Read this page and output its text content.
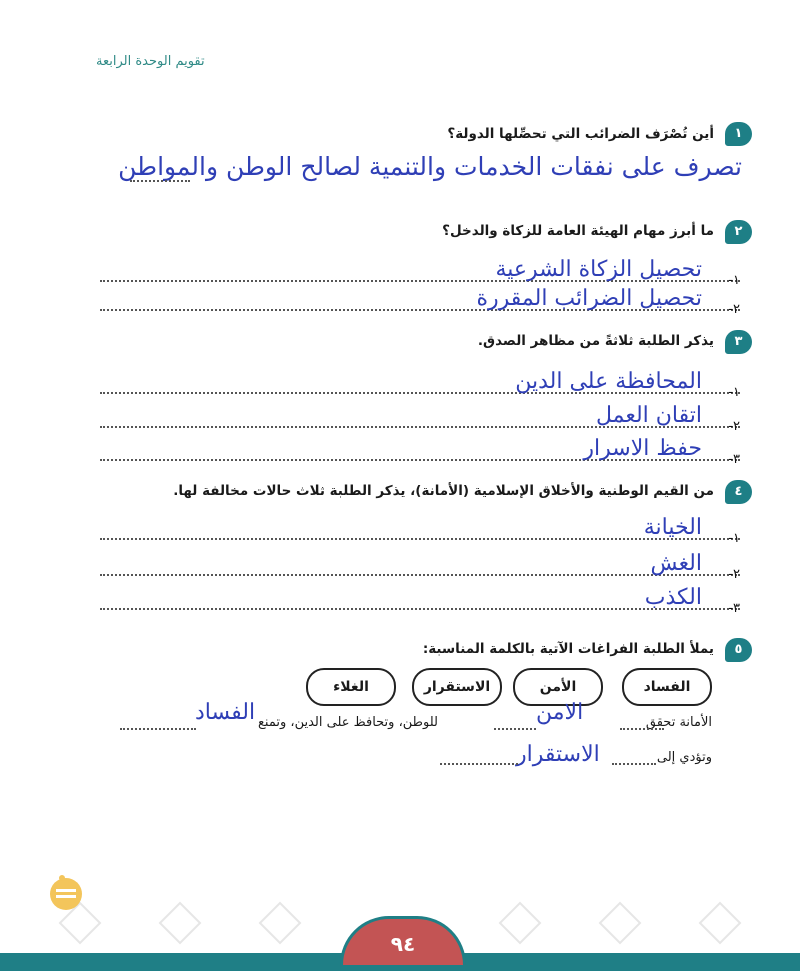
تقويم الوحدة الرابعة
١
أين تُصْرَف الضرائب التي تحصِّلها الدولة؟
تصرف على نفقات الخدمات والتنمية لصالح الوطن والمواطن
٢
ما أبرز مهام الهيئة العامة للزكاة والدخل؟
١-
تحصيل الزكاة الشرعية
٢-
تحصيل الضرائب المقررة
٣
يذكر الطلبة ثلاثةً من مظاهر الصدق.
١-
المحافظة على الدين
٢-
اتقان العمل
٣-
حفظ الاسرار
٤
من القيم الوطنية والأخلاق الإسلامية (الأمانة)، يذكر الطلبة ثلاث حالات مخالفة لها.
١-
الخيانة
٢-
الغش
٣-
الكذب
٥
يملأ الطلبة الفراغات الآتية بالكلمة المناسبة:
الفساد
الأمن
الاستقرار
الغلاء
الأمانة تحقق
الامن
للوطن، وتحافظ على الدين، وتمنع
الفساد
وتؤدي إلى
الاستقرار
٩٤
